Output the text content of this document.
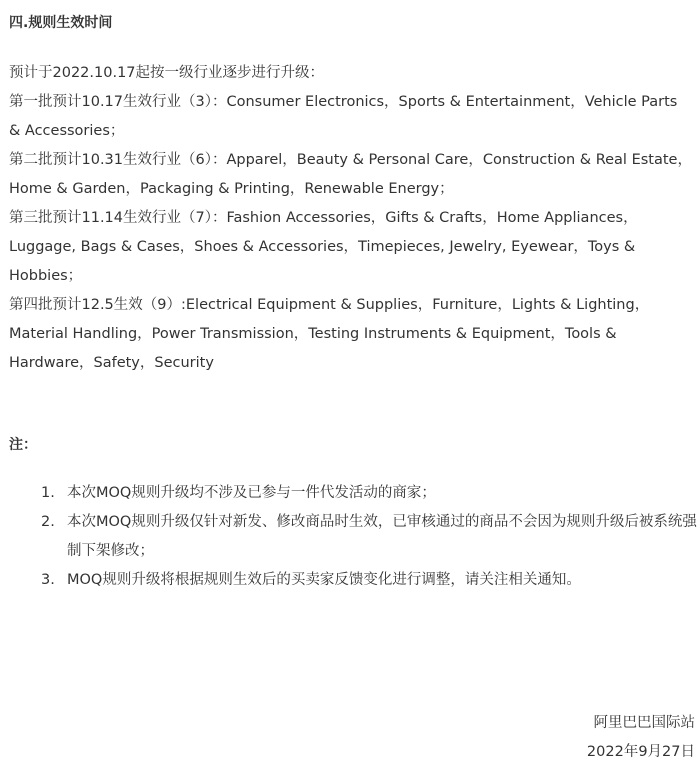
四.规则生效时间

预计于2022.10.17起按一级行业逐步进行升级：

第一批预计10.17生效行业（3）：Consumer Electronics，Sports & Entertainment，Vehicle Parts & Accessories；

第二批预计10.31生效行业（6）：Apparel，Beauty & Personal Care，Construction & Real Estate，Home & Garden，Packaging & Printing，Renewable Energy；

第三批预计11.14生效行业（7）：Fashion Accessories，Gifts & Crafts，Home Appliances，Luggage, Bags & Cases，Shoes & Accessories，Timepieces, Jewelry, Eyewear，Toys & Hobbies；

第四批预计12.5生效（9）:Electrical Equipment & Supplies，Furniture，Lights & Lighting，Material Handling，Power Transmission，Testing Instruments & Equipment，Tools & Hardware，Safety，Security

注：
1. 本次MOQ规则升级均不涉及已参与一件代发活动的商家；
2. 本次MOQ规则升级仅针对新发、修改商品时生效，已审核通过的商品不会因为规则升级后被系统强制下架修改；
3. MOQ规则升级将根据规则生效后的买卖家反馈变化进行调整，请关注相关通知。
阿里巴巴国际站
2022年9月27日
